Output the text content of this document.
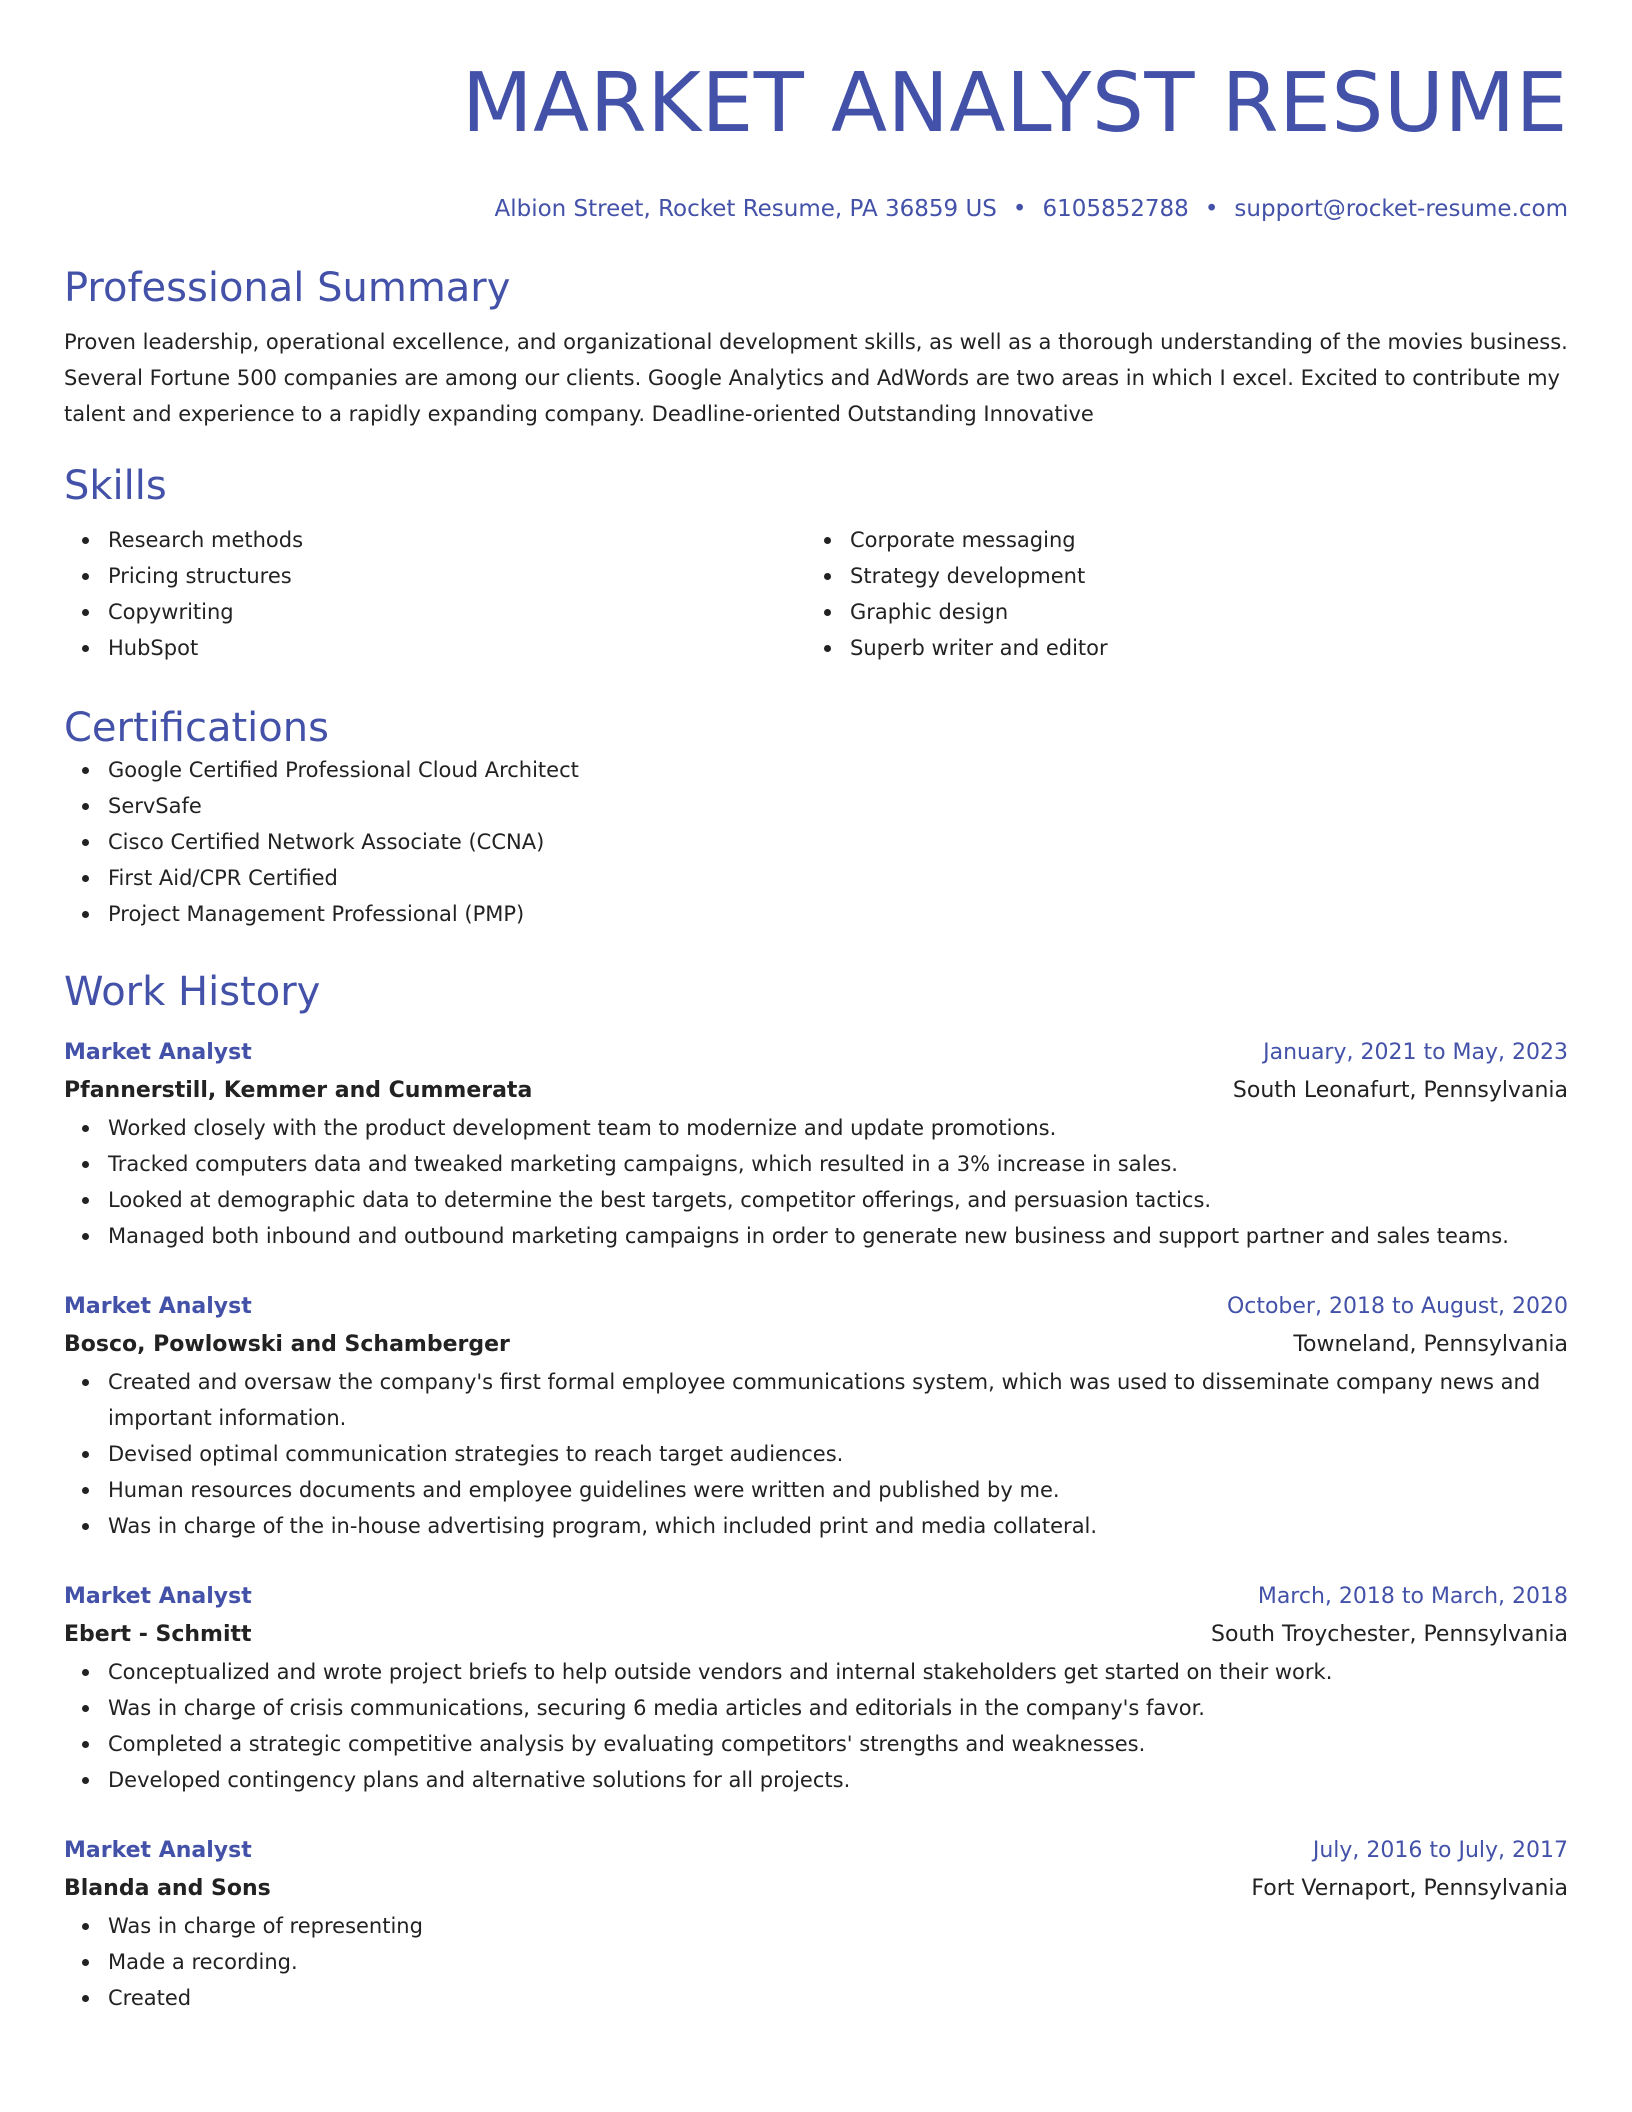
MARKET ANALYST RESUME
Albion Street, Rocket Resume, PA 36859 US • 6105852788 • support@rocket-resume.com
Professional Summary
Proven leadership, operational excellence, and organizational development skills, as well as a thorough understanding of the movies business. Several Fortune 500 companies are among our clients. Google Analytics and AdWords are two areas in which I excel. Excited to contribute my talent and experience to a rapidly expanding company. Deadline-oriented Outstanding Innovative
Skills
Research methods
Pricing structures
Copywriting
HubSpot
Corporate messaging
Strategy development
Graphic design
Superb writer and editor
Certifications
Google Certified Professional Cloud Architect
ServSafe
Cisco Certified Network Associate (CCNA)
First Aid/CPR Certified
Project Management Professional (PMP)
Work History
Market Analyst	January, 2021 to May, 2023
Pfannerstill, Kemmer and Cummerata	South Leonafurt, Pennsylvania
Worked closely with the product development team to modernize and update promotions.
Tracked computers data and tweaked marketing campaigns, which resulted in a 3% increase in sales.
Looked at demographic data to determine the best targets, competitor offerings, and persuasion tactics.
Managed both inbound and outbound marketing campaigns in order to generate new business and support partner and sales teams.
Market Analyst	October, 2018 to August, 2020
Bosco, Powlowski and Schamberger	Towneland, Pennsylvania
Created and oversaw the company's first formal employee communications system, which was used to disseminate company news and important information.
Devised optimal communication strategies to reach target audiences.
Human resources documents and employee guidelines were written and published by me.
Was in charge of the in-house advertising program, which included print and media collateral.
Market Analyst	March, 2018 to March, 2018
Ebert - Schmitt	South Troychester, Pennsylvania
Conceptualized and wrote project briefs to help outside vendors and internal stakeholders get started on their work.
Was in charge of crisis communications, securing 6 media articles and editorials in the company's favor.
Completed a strategic competitive analysis by evaluating competitors' strengths and weaknesses.
Developed contingency plans and alternative solutions for all projects.
Market Analyst	July, 2016 to July, 2017
Blanda and Sons	Fort Vernaport, Pennsylvania
Was in charge of representing
Made a recording.
Created
